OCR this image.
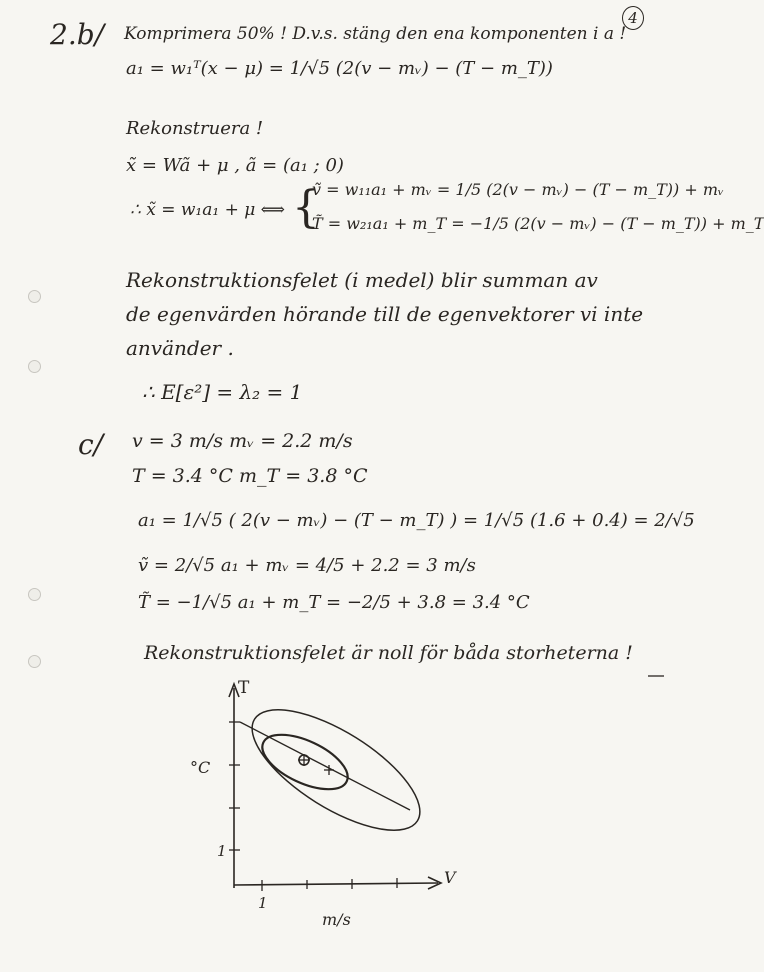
4
2.b/ Komprimera 50% ! D.v.s. stäng den ena komponenten i a !
a₁ = w₁ᵀ(x − μ) = 1/√5 (2(v − mᵥ) − (T − m_T))
Rekonstruera !
x̃ = Wã + μ , ã = (a₁ ; 0)
∴ x̃ = w₁a₁ + μ ⟺ {
ṽ = w₁₁a₁ + mᵥ = 1/5 (2(v − mᵥ) − (T − m_T)) + mᵥ
T̃ = w₂₁a₁ + m_T = −1/5 (2(v − mᵥ) − (T − m_T)) + m_T
Rekonstruktionsfelet (i medel) blir summan av
de egenvärden hörande till de egenvektorer vi inte
använder .
∴ E[ε²] = λ₂ = 1
c/ v = 3 m/s mᵥ = 2.2 m/s
T = 3.4 °C m_T = 3.8 °C
a₁ = 1/√5 ( 2(v − mᵥ) − (T − m_T) ) = 1/√5 (1.6 + 0.4) = 2/√5
ṽ = 2/√5 a₁ + mᵥ = 4/5 + 2.2 = 3 m/s
T̃ = −1/√5 a₁ + m_T = −2/5 + 3.8 = 3.4 °C
Rekonstruktionsfelet är noll för båda storheterna !
T
°C
1
1
V
m/s
